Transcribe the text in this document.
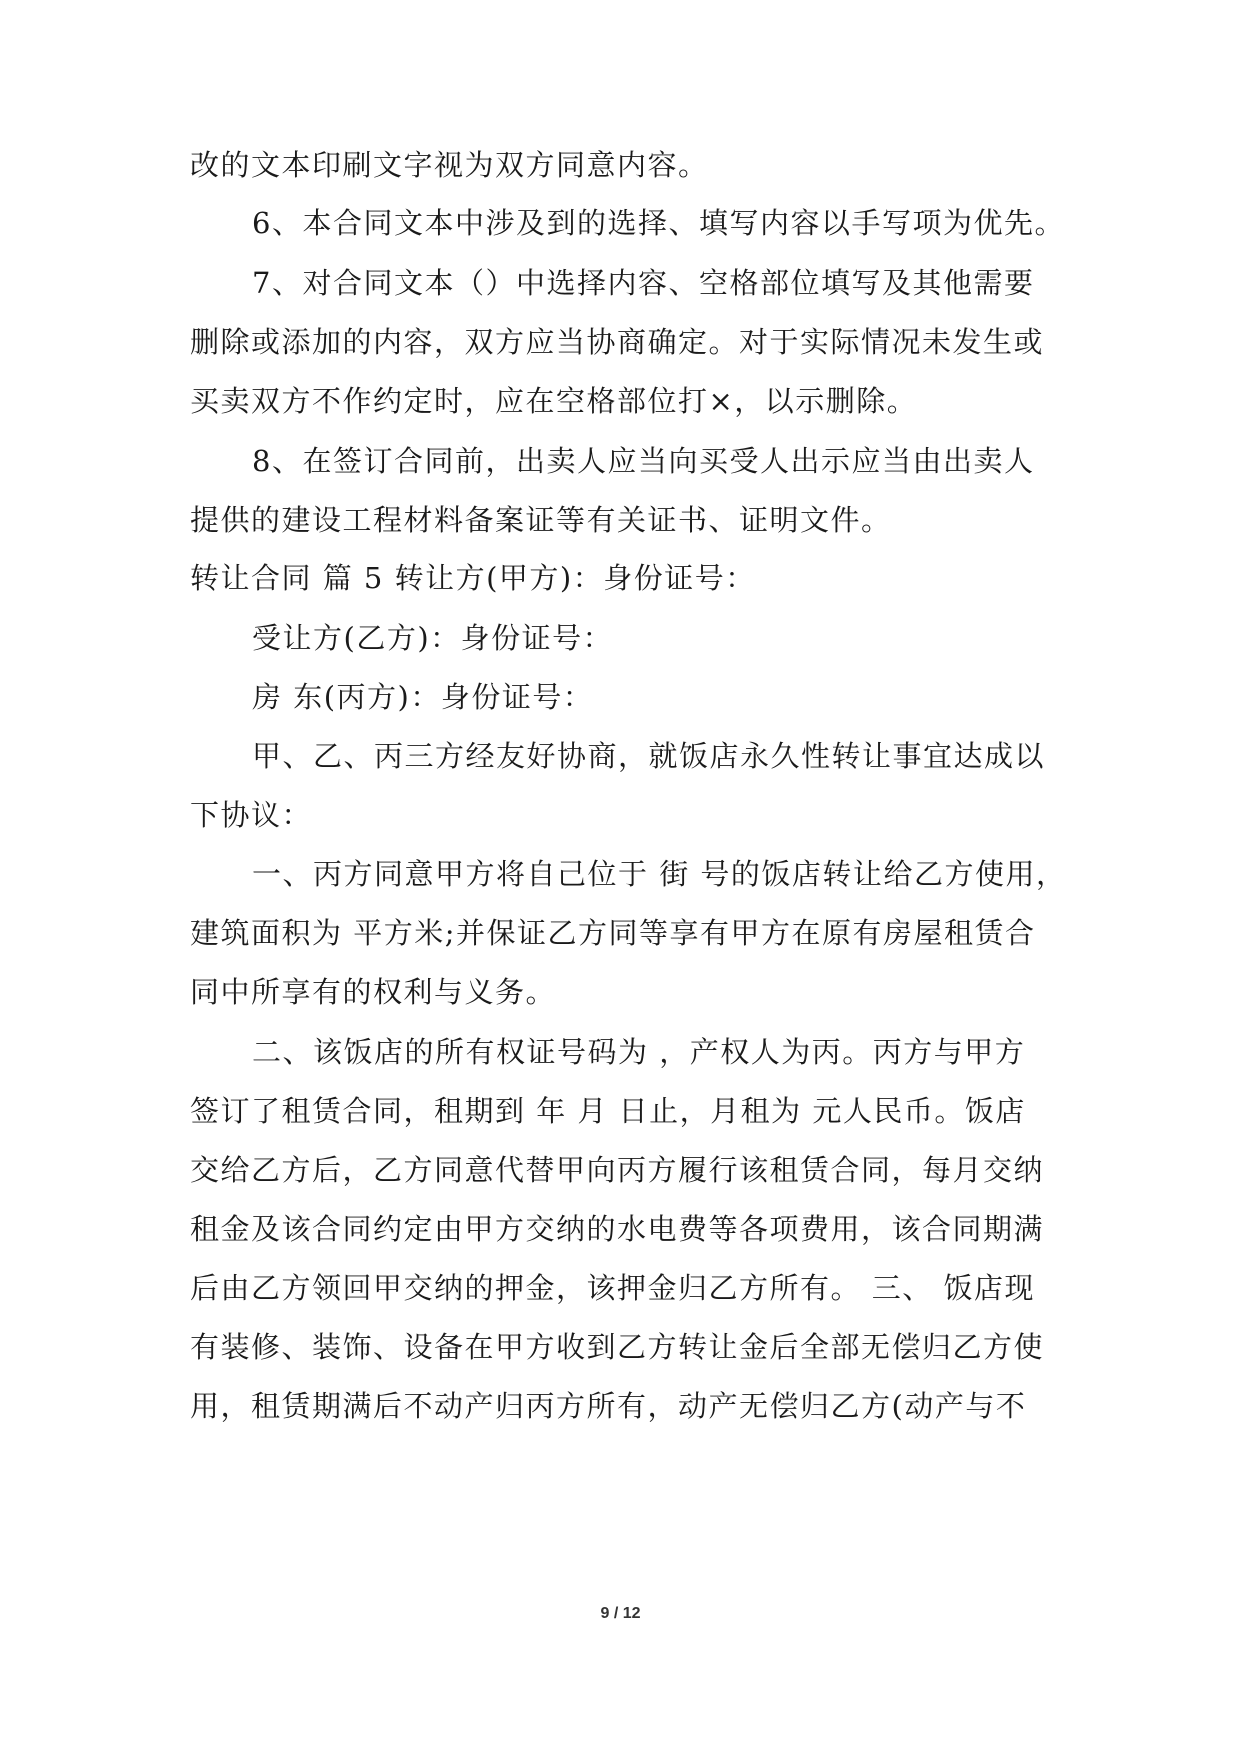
改的文本印刷文字视为双方同意内容。
6、本合同文本中涉及到的选择、填写内容以手写项为优先。
7、对合同文本（）中选择内容、空格部位填写及其他需要
删除或添加的内容，双方应当协商确定。对于实际情况未发生或
买卖双方不作约定时，应在空格部位打×，以示删除。
8、在签订合同前，出卖人应当向买受人出示应当由出卖人
提供的建设工程材料备案证等有关证书、证明文件。
转让合同 篇 5 转让方(甲方)：身份证号：
受让方(乙方)：身份证号：
房 东(丙方)：身份证号：
甲、乙、丙三方经友好协商，就饭店永久性转让事宜达成以
下协议：
一、丙方同意甲方将自己位于 街 号的饭店转让给乙方使用，
建筑面积为 平方米;并保证乙方同等享有甲方在原有房屋租赁合
同中所享有的权利与义务。
二、该饭店的所有权证号码为 ，产权人为丙。丙方与甲方
签订了租赁合同，租期到 年 月 日止，月租为 元人民币。饭店
交给乙方后，乙方同意代替甲向丙方履行该租赁合同，每月交纳
租金及该合同约定由甲方交纳的水电费等各项费用，该合同期满
后由乙方领回甲交纳的押金，该押金归乙方所有。 三、 饭店现
有装修、装饰、设备在甲方收到乙方转让金后全部无偿归乙方使
用，租赁期满后不动产归丙方所有，动产无偿归乙方(动产与不
9 / 12
